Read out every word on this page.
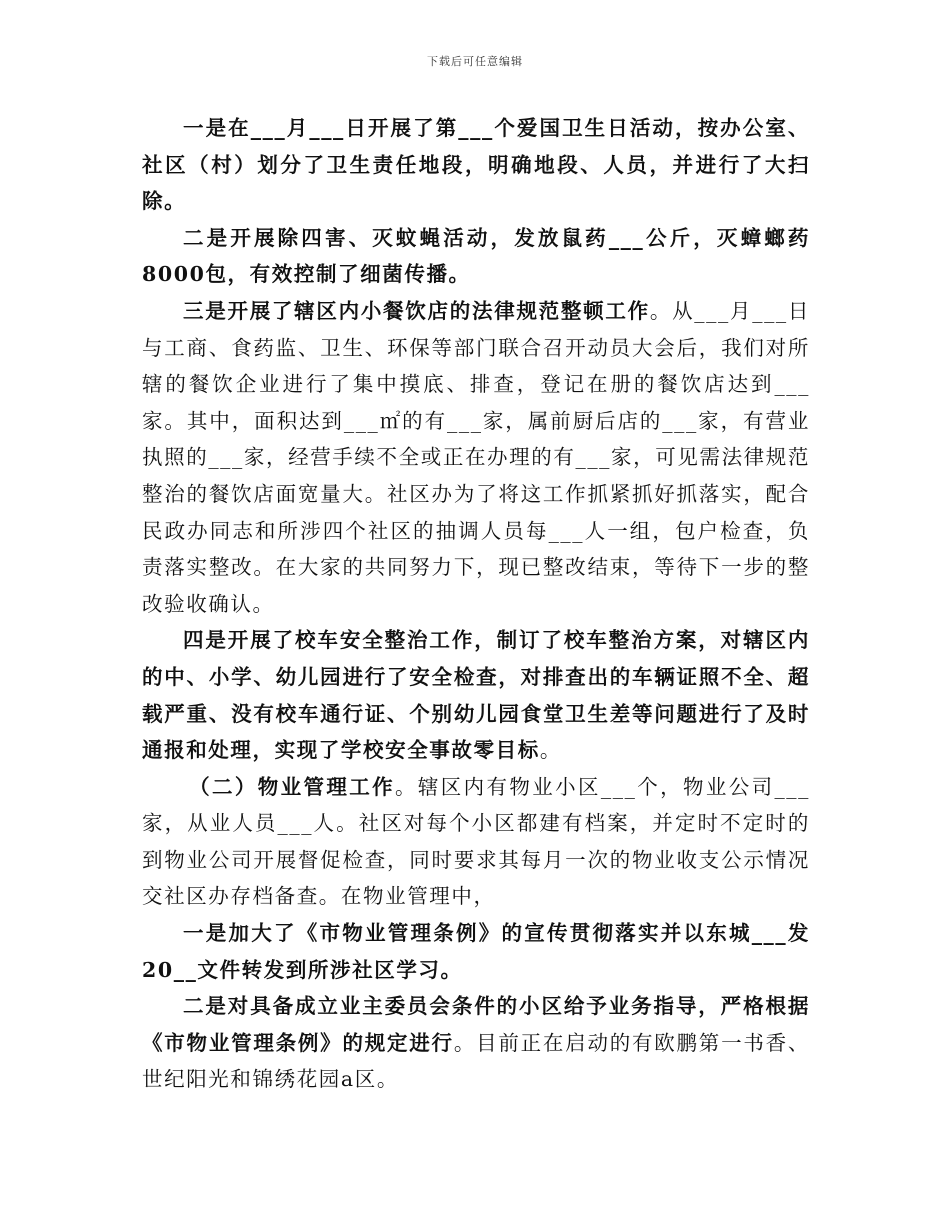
下载后可任意编辑

一是在___月___日开展了第___个爱国卫生日活动，按办公室、社区（村）划分了卫生责任地段，明确地段、人员，并进行了大扫除。

二是开展除四害、灭蚊蝇活动，发放鼠药___公斤，灭蟑螂药8000包，有效控制了细菌传播。

三是开展了辖区内小餐饮店的法律规范整顿工作。从___月___日与工商、食药监、卫生、环保等部门联合召开动员大会后，我们对所辖的餐饮企业进行了集中摸底、排查，登记在册的餐饮店达到___家。其中，面积达到___㎡的有___家，属前厨后店的___家，有营业执照的___家，经营手续不全或正在办理的有___家，可见需法律规范整治的餐饮店面宽量大。社区办为了将这工作抓紧抓好抓落实，配合民政办同志和所涉四个社区的抽调人员每___人一组，包户检查，负责落实整改。在大家的共同努力下，现已整改结束，等待下一步的整改验收确认。

四是开展了校车安全整治工作，制订了校车整治方案，对辖区内的中、小学、幼儿园进行了安全检查，对排查出的车辆证照不全、超载严重、没有校车通行证、个别幼儿园食堂卫生差等问题进行了及时通报和处理，实现了学校安全事故零目标。

（二）物业管理工作。辖区内有物业小区___个，物业公司___家，从业人员___人。社区对每个小区都建有档案，并定时不定时的到物业公司开展督促检查，同时要求其每月一次的物业收支公示情况交社区办存档备查。在物业管理中，

一是加大了《市物业管理条例》的宣传贯彻落实并以东城___发20__文件转发到所涉社区学习。

二是对具备成立业主委员会条件的小区给予业务指导，严格根据《市物业管理条例》的规定进行。目前正在启动的有欧鹏第一书香、世纪阳光和锦绣花园a区。
